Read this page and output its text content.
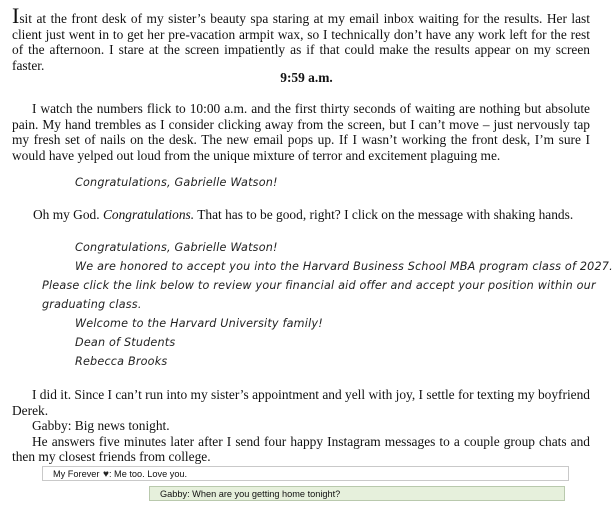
Isit at the front desk of my sister’s beauty spa staring at my email inbox waiting for the results. Her last client just went in to get her pre-vacation armpit wax, so I technically don’t have any work left for the rest of the afternoon. I stare at the screen impatiently as if that could make the results appear on my screen faster.

9:59 a.m.

I watch the numbers flick to 10:00 a.m. and the first thirty seconds of waiting are nothing but absolute pain. My hand trembles as I consider clicking away from the screen, but I can’t move – just nervously tap my fresh set of nails on the desk. The new email pops up. If I wasn’t working the front desk, I’m sure I would have yelped out loud from the unique mixture of terror and excitement plaguing me.

Congratulations, Gabrielle Watson!

Oh my God. Congratulations. That has to be good, right? I click on the message with shaking hands.

Congratulations, Gabrielle Watson!
We are honored to accept you into the Harvard Business School MBA program class of 2027.
Please click the link below to review your financial aid offer and accept your position within our
graduating class.
Welcome to the Harvard University family!
Dean of Students
Rebecca Brooks
I did it. Since I can’t run into my sister’s appointment and yell with joy, I settle for texting my boyfriend Derek.
Gabby: Big news tonight.
He answers five minutes later after I send four happy Instagram messages to a couple group chats and then my closest friends from college.
My Forever ♥: Me too. Love you.
Gabby: When are you getting home tonight?
